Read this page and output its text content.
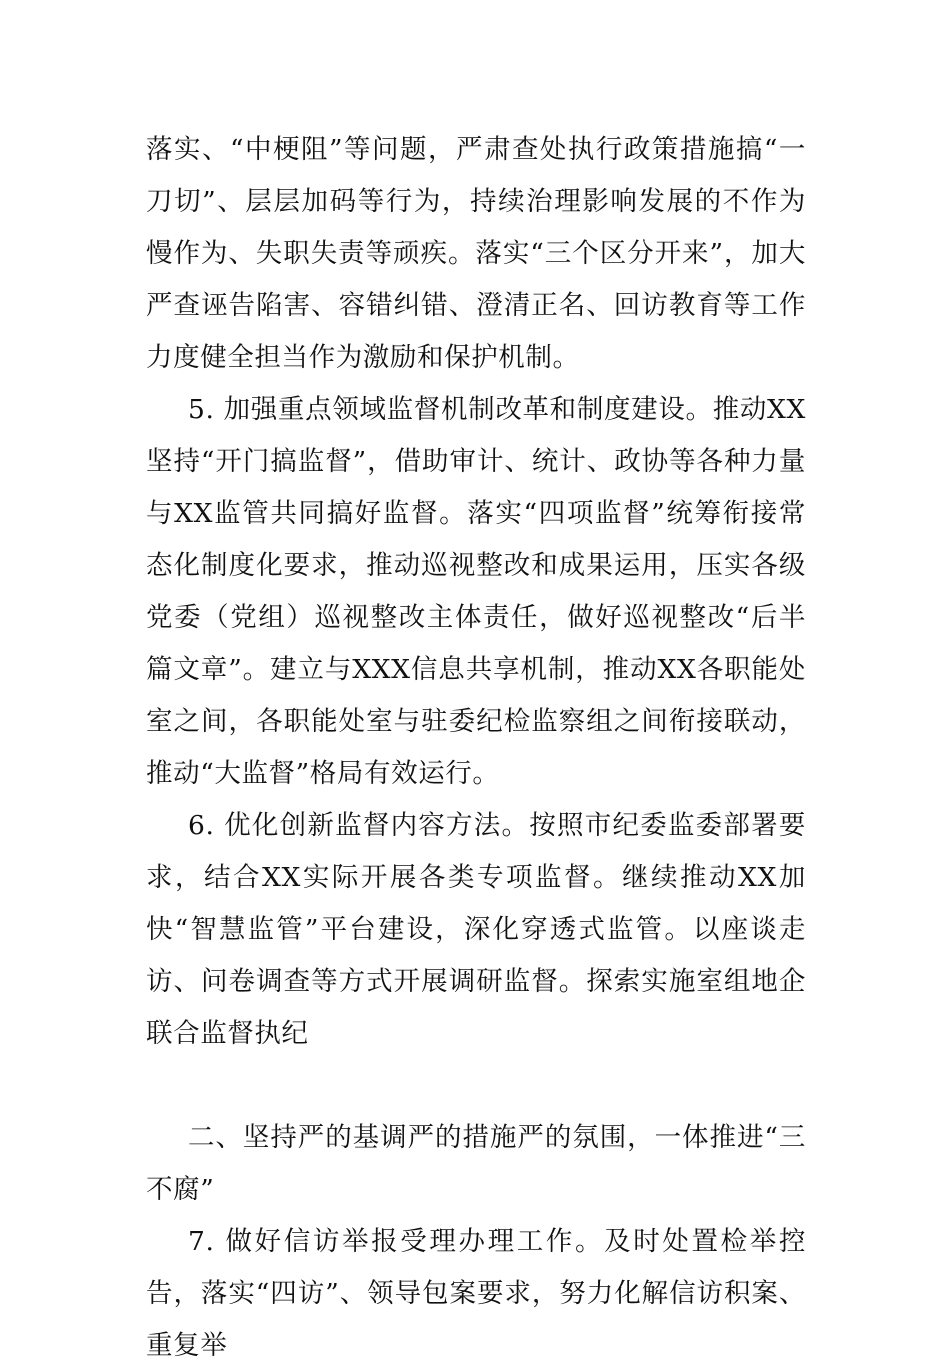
落实、“中梗阻”等问题，严肃查处执行政策措施搞“一刀切”、层层加码等行为，持续治理影响发展的不作为慢作为、失职失责等顽疾。落实“三个区分开来”，加大严查诬告陷害、容错纠错、澄清正名、回访教育等工作力度健全担当作为激励和保护机制。

5. 加强重点领域监督机制改革和制度建设。推动XX坚持“开门搞监督”，借助审计、统计、政协等各种力量与XX监管共同搞好监督。落实“四项监督”统筹衔接常态化制度化要求，推动巡视整改和成果运用，压实各级党委（党组）巡视整改主体责任，做好巡视整改“后半篇文章”。建立与XXX信息共享机制，推动XX各职能处室之间，各职能处室与驻委纪检监察组之间衔接联动，推动“大监督”格局有效运行。

6. 优化创新监督内容方法。按照市纪委监委部署要求，结合XX实际开展各类专项监督。继续推动XX加快“智慧监管”平台建设，深化穿透式监管。以座谈走访、问卷调查等方式开展调研监督。探索实施室组地企联合监督执纪

二、坚持严的基调严的措施严的氛围，一体推进“三不腐”

7. 做好信访举报受理办理工作。及时处置检举控告，落实“四访”、领导包案要求，努力化解信访积案、重复举
